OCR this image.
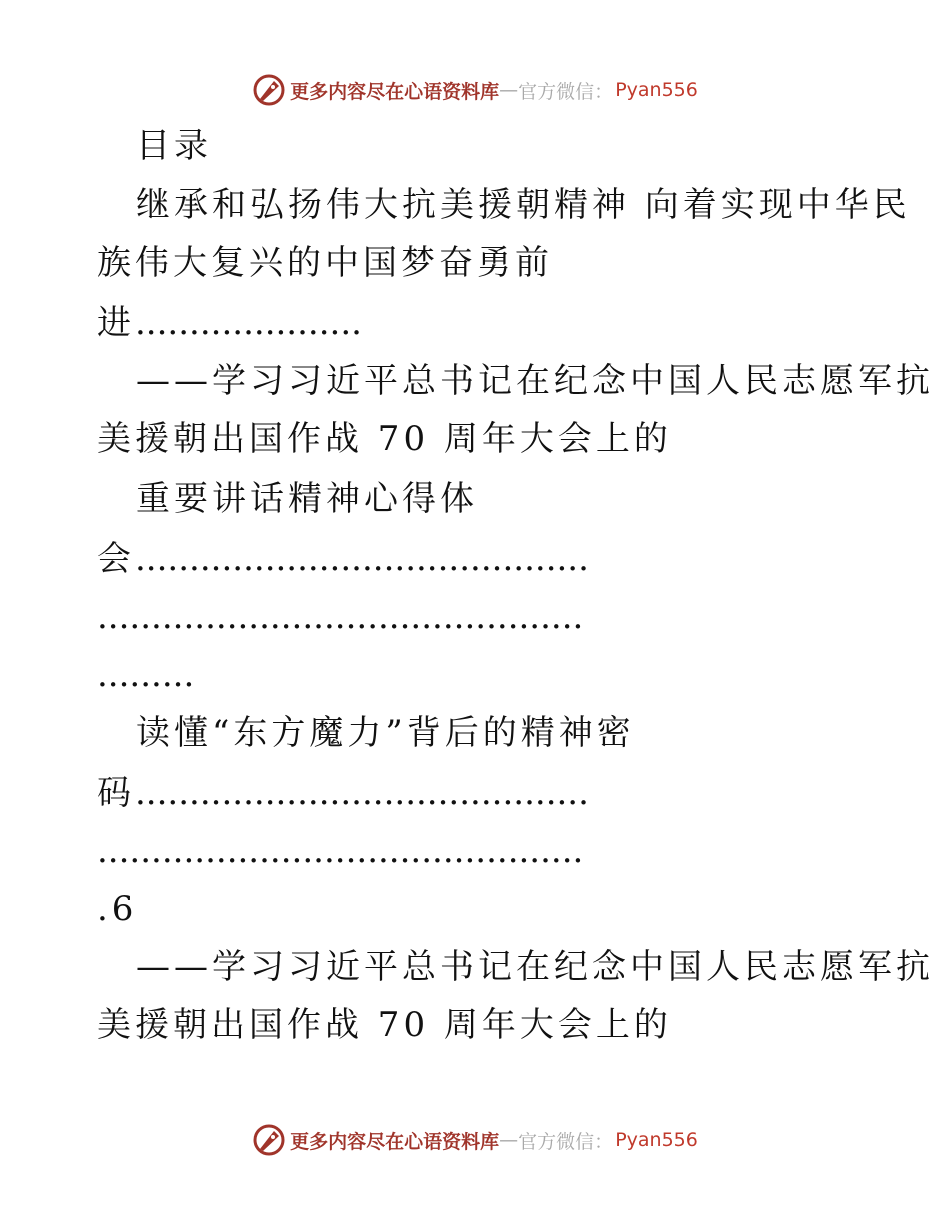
更多内容尽在心语资料库 — 官方微信： Pyan556
目录
继承和弘扬伟大抗美援朝精神 向着实现中华民
族伟大复兴的中国梦奋勇前
进.....................
——学习习近平总书记在纪念中国人民志愿军抗
美援朝出国作战 70 周年大会上的
重要讲话精神心得体
会..........................................
.............................................
.........
读懂“东方魔力”背后的精神密
码..........................................
.............................................
.6
——学习习近平总书记在纪念中国人民志愿军抗
美援朝出国作战 70 周年大会上的
更多内容尽在心语资料库 — 官方微信： Pyan556
